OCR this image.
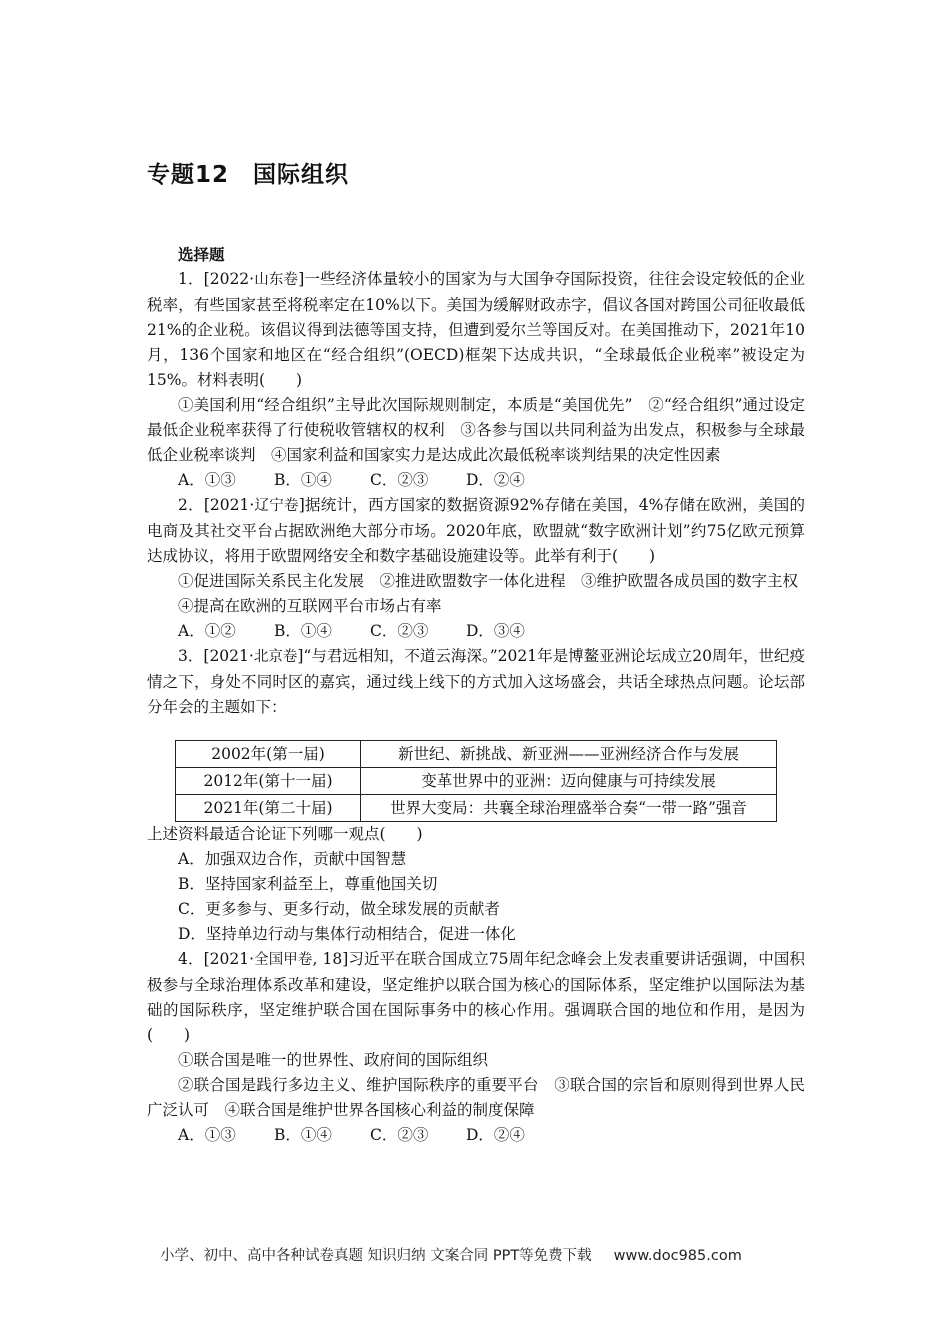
专题12　国际组织

选择题

1．[2022·山东卷]一些经济体量较小的国家为与大国争夺国际投资，往往会设定较低的企业税率，有些国家甚至将税率定在10%以下。美国为缓解财政赤字，倡议各国对跨国公司征收最低21%的企业税。该倡议得到法德等国支持，但遭到爱尔兰等国反对。在美国推动下，2021年10月，136个国家和地区在“经合组织”(OECD)框架下达成共识，“全球最低企业税率”被设定为15%。材料表明(　　)

①美国利用“经合组织”主导此次国际规则制定，本质是“美国优先”　②“经合组织”通过设定最低企业税率获得了行使税收管辖权的权利　③各参与国以共同利益为出发点，积极参与全球最低企业税率谈判　④国家利益和国家实力是达成此次最低税率谈判结果的决定性因素

A．①③ B．①④ C．②③ D．②④

2．[2021·辽宁卷]据统计，西方国家的数据资源92%存储在美国，4%存储在欧洲，美国的电商及其社交平台占据欧洲绝大部分市场。2020年底，欧盟就“数字欧洲计划”约75亿欧元预算达成协议，将用于欧盟网络安全和数字基础设施建设等。此举有利于(　　)

①促进国际关系民主化发展　②推进欧盟数字一体化进程　③维护欧盟各成员国的数字主权

④提高在欧洲的互联网平台市场占有率

A．①② B．①④ C．②③ D．③④

3．[2021·北京卷]“与君远相知，不道云海深。”2021年是博鳌亚洲论坛成立20周年，世纪疫情之下，身处不同时区的嘉宾，通过线上线下的方式加入这场盛会，共话全球热点问题。论坛部分年会的主题如下：

2002年(第一届)	新世纪、新挑战、新亚洲——亚洲经济合作与发展
2012年(第十一届)	变革世界中的亚洲：迈向健康与可持续发展
2021年(第二十届)	世界大变局：共襄全球治理盛举合奏“一带一路”强音

上述资料最适合论证下列哪一观点(　　)

A．加强双边合作，贡献中国智慧

B．坚持国家利益至上，尊重他国关切

C．更多参与、更多行动，做全球发展的贡献者

D．坚持单边行动与集体行动相结合，促进一体化

4．[2021·全国甲卷, 18]习近平在联合国成立75周年纪念峰会上发表重要讲话强调，中国积极参与全球治理体系改革和建设，坚定维护以联合国为核心的国际体系，坚定维护以国际法为基础的国际秩序，坚定维护联合国在国际事务中的核心作用。强调联合国的地位和作用，是因为(　　)

①联合国是唯一的世界性、政府间的国际组织

②联合国是践行多边主义、维护国际秩序的重要平台　③联合国的宗旨和原则得到世界人民广泛认可　④联合国是维护世界各国核心利益的制度保障

A．①③ B．①④ C．②③ D．②④

小学、初中、高中各种试卷真题 知识归纳 文案合同 PPT等免费下载 www.doc985.com
